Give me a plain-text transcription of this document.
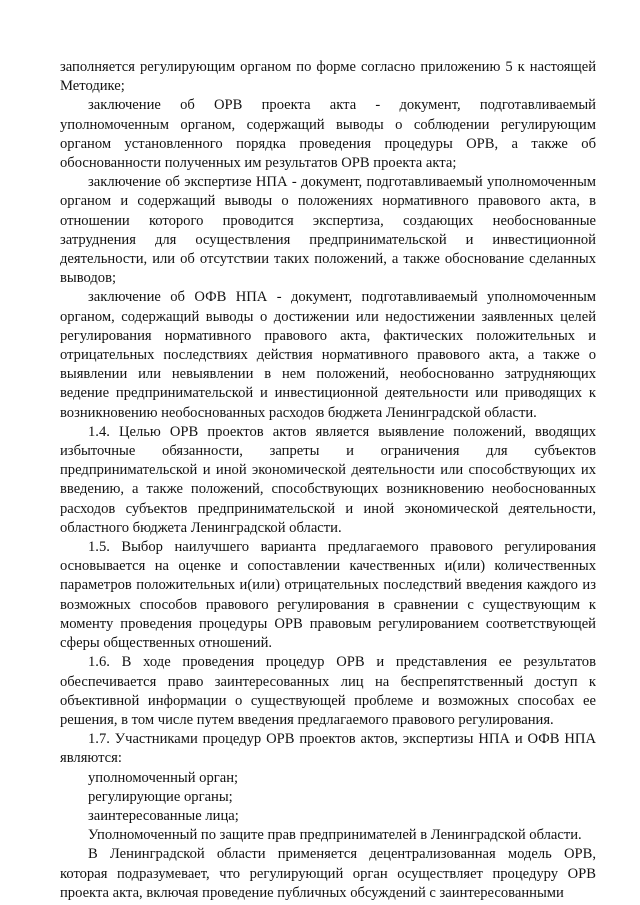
заполняется регулирующим органом по форме согласно приложению 5 к настоящей Методике;

заключение об ОРВ проекта акта - документ, подготавливаемый уполномоченным органом, содержащий выводы о соблюдении регулирующим органом установленного порядка проведения процедуры ОРВ, а также об обоснованности полученных им результатов ОРВ проекта акта;

заключение об экспертизе НПА - документ, подготавливаемый уполномоченным органом и содержащий выводы о положениях нормативного правового акта, в отношении которого проводится экспертиза, создающих необоснованные затруднения для осуществления предпринимательской и инвестиционной деятельности, или об отсутствии таких положений, а также обоснование сделанных выводов;

заключение об ОФВ НПА - документ, подготавливаемый уполномоченным органом, содержащий выводы о достижении или недостижении заявленных целей регулирования нормативного правового акта, фактических положительных и отрицательных последствиях действия нормативного правового акта, а также о выявлении или невыявлении в нем положений, необоснованно затрудняющих ведение предпринимательской и инвестиционной деятельности или приводящих к возникновению необоснованных расходов бюджета Ленинградской области.

1.4. Целью ОРВ проектов актов является выявление положений, вводящих избыточные обязанности, запреты и ограничения для субъектов предпринимательской и иной экономической деятельности или способствующих их введению, а также положений, способствующих возникновению необоснованных расходов субъектов предпринимательской и иной экономической деятельности, областного бюджета Ленинградской области.

1.5. Выбор наилучшего варианта предлагаемого правового регулирования основывается на оценке и сопоставлении качественных и(или) количественных параметров положительных и(или) отрицательных последствий введения каждого из возможных способов правового регулирования в сравнении с существующим к моменту проведения процедуры ОРВ правовым регулированием соответствующей сферы общественных отношений.

1.6. В ходе проведения процедур ОРВ и представления ее результатов обеспечивается право заинтересованных лиц на беспрепятственный доступ к объективной информации о существующей проблеме и возможных способах ее решения, в том числе путем введения предлагаемого правового регулирования.

1.7. Участниками процедур ОРВ проектов актов, экспертизы НПА и ОФВ НПА являются:

уполномоченный орган;

регулирующие органы;

заинтересованные лица;

Уполномоченный по защите прав предпринимателей в Ленинградской области.

В Ленинградской области применяется децентрализованная модель ОРВ, которая подразумевает, что регулирующий орган осуществляет процедуру ОРВ проекта акта, включая проведение публичных обсуждений с заинтересованными
